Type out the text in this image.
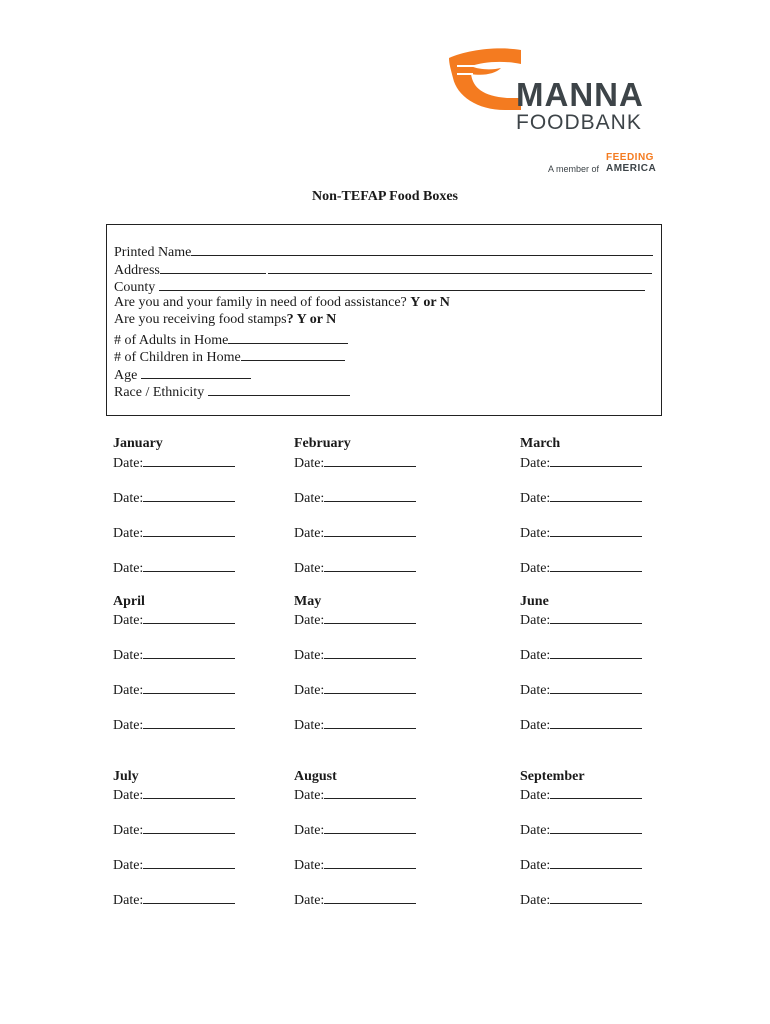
MANNA
FOODBANK
A member of
FEEDING
AMERICA
Non-TEFAP Food Boxes
Printed Name
Address
County
Are you and your family in need of food assistance? Y or N
Are you receiving food stamps? Y or N
# of Adults in Home
# of Children in Home
Age
Race / Ethnicity
January
Date:
Date:
Date:
Date:
February
Date:
Date:
Date:
Date:
March
Date:
Date:
Date:
Date:
April
Date:
Date:
Date:
Date:
May
Date:
Date:
Date:
Date:
June
Date:
Date:
Date:
Date:
July
Date:
Date:
Date:
Date:
August
Date:
Date:
Date:
Date:
September
Date:
Date:
Date:
Date:
